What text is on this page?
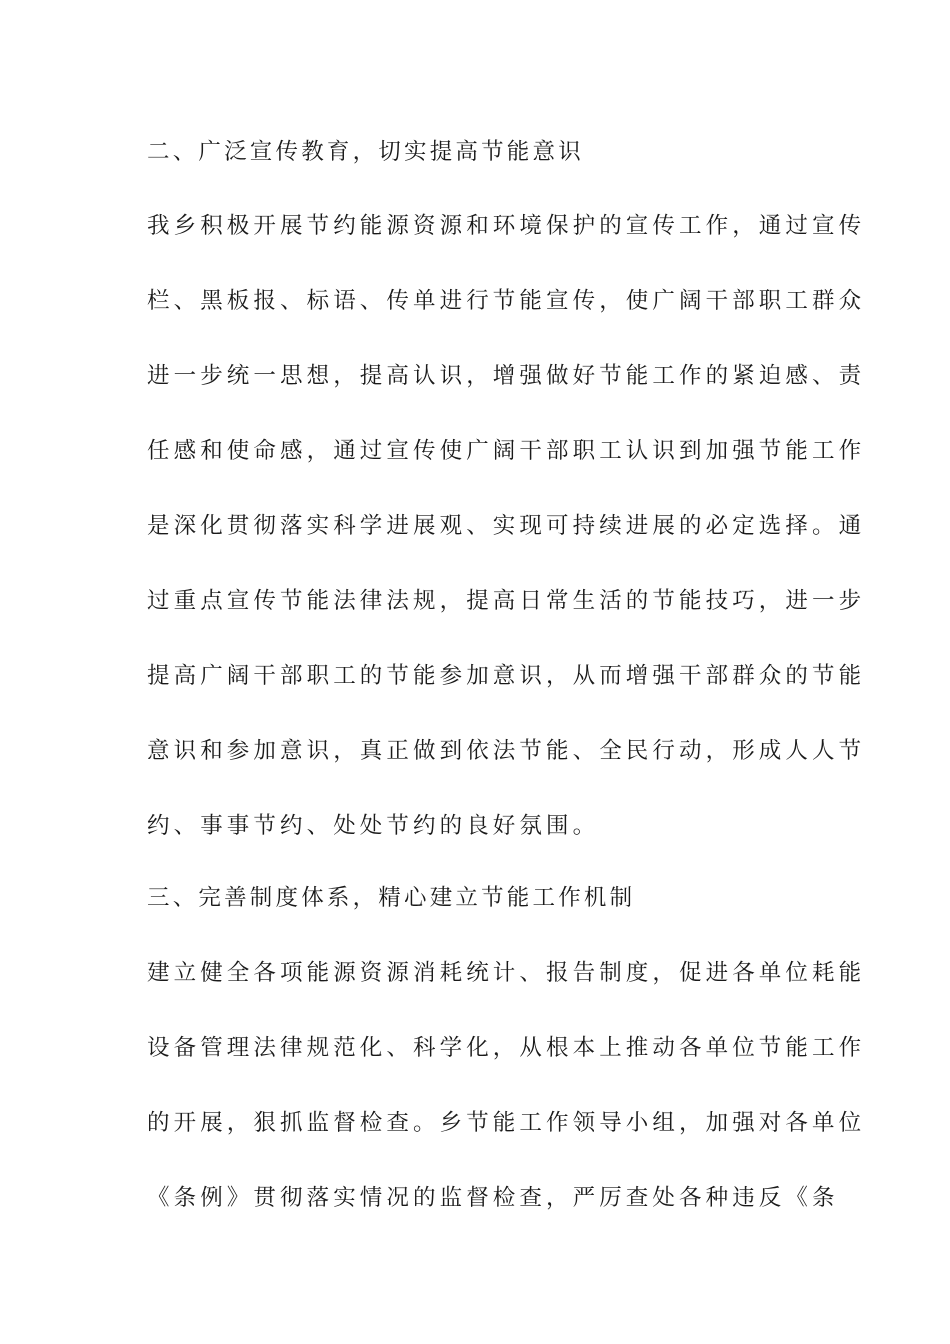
二、广泛宣传教育，切实提高节能意识
我乡积极开展节约能源资源和环境保护的宣传工作，通过宣传
栏、黑板报、标语、传单进行节能宣传，使广阔干部职工群众
进一步统一思想，提高认识，增强做好节能工作的紧迫感、责
任感和使命感，通过宣传使广阔干部职工认识到加强节能工作
是深化贯彻落实科学进展观、实现可持续进展的必定选择。通
过重点宣传节能法律法规，提高日常生活的节能技巧，进一步
提高广阔干部职工的节能参加意识，从而增强干部群众的节能
意识和参加意识，真正做到依法节能、全民行动，形成人人节
约、事事节约、处处节约的良好氛围。
三、完善制度体系，精心建立节能工作机制
建立健全各项能源资源消耗统计、报告制度，促进各单位耗能
设备管理法律规范化、科学化，从根本上推动各单位节能工作
的开展，狠抓监督检查。乡节能工作领导小组，加强对各单位
《条例》贯彻落实情况的监督检查，严厉查处各种违反《条
